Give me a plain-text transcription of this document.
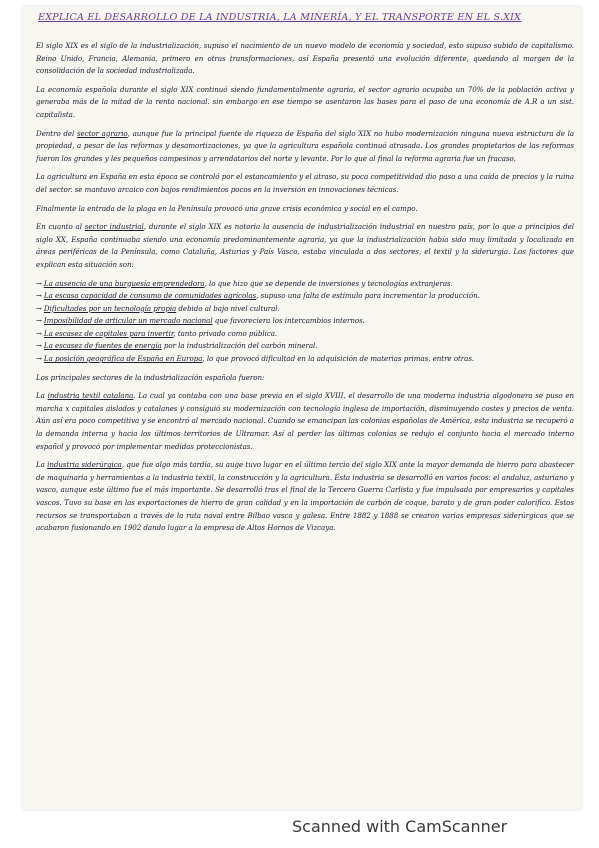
EXPLICA EL DESARROLLO DE LA INDUSTRIA, LA MINERÍA, Y EL TRANSPORTE EN EL S.XIX

El siglo XIX es el siglo de la industrialización, supuso el nacimiento de un nuevo modelo de economía y sociedad, esto supuso subida de capitalismo. Reino Unido, Francia, Alemania, primero en otras transformaciones, así España presentó una evolución diferente, quedando al margen de la consolidación de la sociedad industrializada.

La economía española durante el siglo XIX continuó siendo fundamentalmente agraria, el sector agrario ocupaba un 70% de la población activa y generaba más de la mitad de la renta nacional. sin embargo en ese tiempo se asentaron las bases para el paso de una economía de A.R a un sist. capitalista.

Dentro del sector agrario, aunque fue la principal fuente de riqueza de España del siglo XIX no hubo modernización ninguna nueva estructura de la propiedad, a pesar de las reformas y desamortizaciones, ya que la agricultura española continuó atrasada. Los grandes propietarios de las reformas fueron los grandes y les pequeños campesinos y arrendatarios del norte y levante. Por lo que al final la reforma agraria fue un fracaso.

La agricultura en España en esta época se controló por el estancamiento y el atraso, su poca competitividad dio paso a una caída de precios y la ruina del sector. se mantuvo arcaico con bajos rendimientos pocos en la inversión en innovaciones técnicas.

Finalmente la entrada de la plaga en la Península provocó una grave crisis económica y social en el campo.

En cuanto al sector industrial, durante el siglo XIX es notoria la ausencia de industrialización industrial en nuestro país, por lo que a principios del siglo XX, España continuaba siendo una economía predominantemente agraria, ya que la industrialización había sido muy limitada y localizada en áreas periféricas de la Península, como Cataluña, Asturias y País Vasco, estaba vinculada a dos sectores, el textil y la siderurgia. Los factores que explican esta situación son:

→ La ausencia de una burguesía emprendedora, lo que hizo que se depende de inversiones y tecnologías extranjeras.
→ La escasa capacidad de consumo de comunidades agrícolas, supuso una falta de estímulo para incrementar la producción.
→ Dificultades por un tecnología propia debido al bajo nivel cultural.
→ Imposibilidad de articular un mercado nacional que favoreciera los intercambios internos.
→ La escasez de capitales para invertir, tanto privado como pública.
→ La escasez de fuentes de energía por la industrialización del carbón mineral.
→ La posición geográfica de España en Europa, lo que provocó dificultad en la adquisición de materias primas, entre otras.

Los principales sectores de la industrialización española fueron:

La industria textil catalana. La cual ya contaba con una base previa en el siglo XVIII, el desarrollo de una moderna industria algodonera se puso en marcha x capitales aislados y catalanes y consiguió su modernización con tecnología inglesa de importación, disminuyendo costes y precios de venta. Aún así era poco competitiva y se encontró al mercado nacional. Cuando se emancipan las colonias españolas de América, esta industria se recuperó a la demanda interna y hacia los últimos territorios de Ultramar. Así al perder las últimas colonias se redujo el conjunto hacia el mercado interno español y provocó por implementar medidas proteccionistas.

La industria siderúrgica, que fue algo más tardía, su auge tuvo lugar en el último tercio del siglo XIX ante la mayor demanda de hierro para abastecer de maquinaria y herramientas a la industria textil, la construcción y la agricultura. Esta industria se desarrolló en varios focos: el andaluz, asturiano y vasco, aunque este último fue el más importante. Se desarrolló tras el final de la Tercera Guerra Carlista y fue impulsada por empresarios y capitales vascos. Tuvo su base en las exportaciones de hierro de gran calidad y en la importación de carbón de coque, barato y de gran poder calorífico. Estos recursos se transportaban a través de la ruta naval entre Bilbao vasca y galesa. Entre 1882 y 1888 se crearon varias empresas siderúrgicas que se acabaron fusionando en 1902 dando lugar a la empresa de Altos Hornos de Vizcaya.

Scanned with CamScanner
